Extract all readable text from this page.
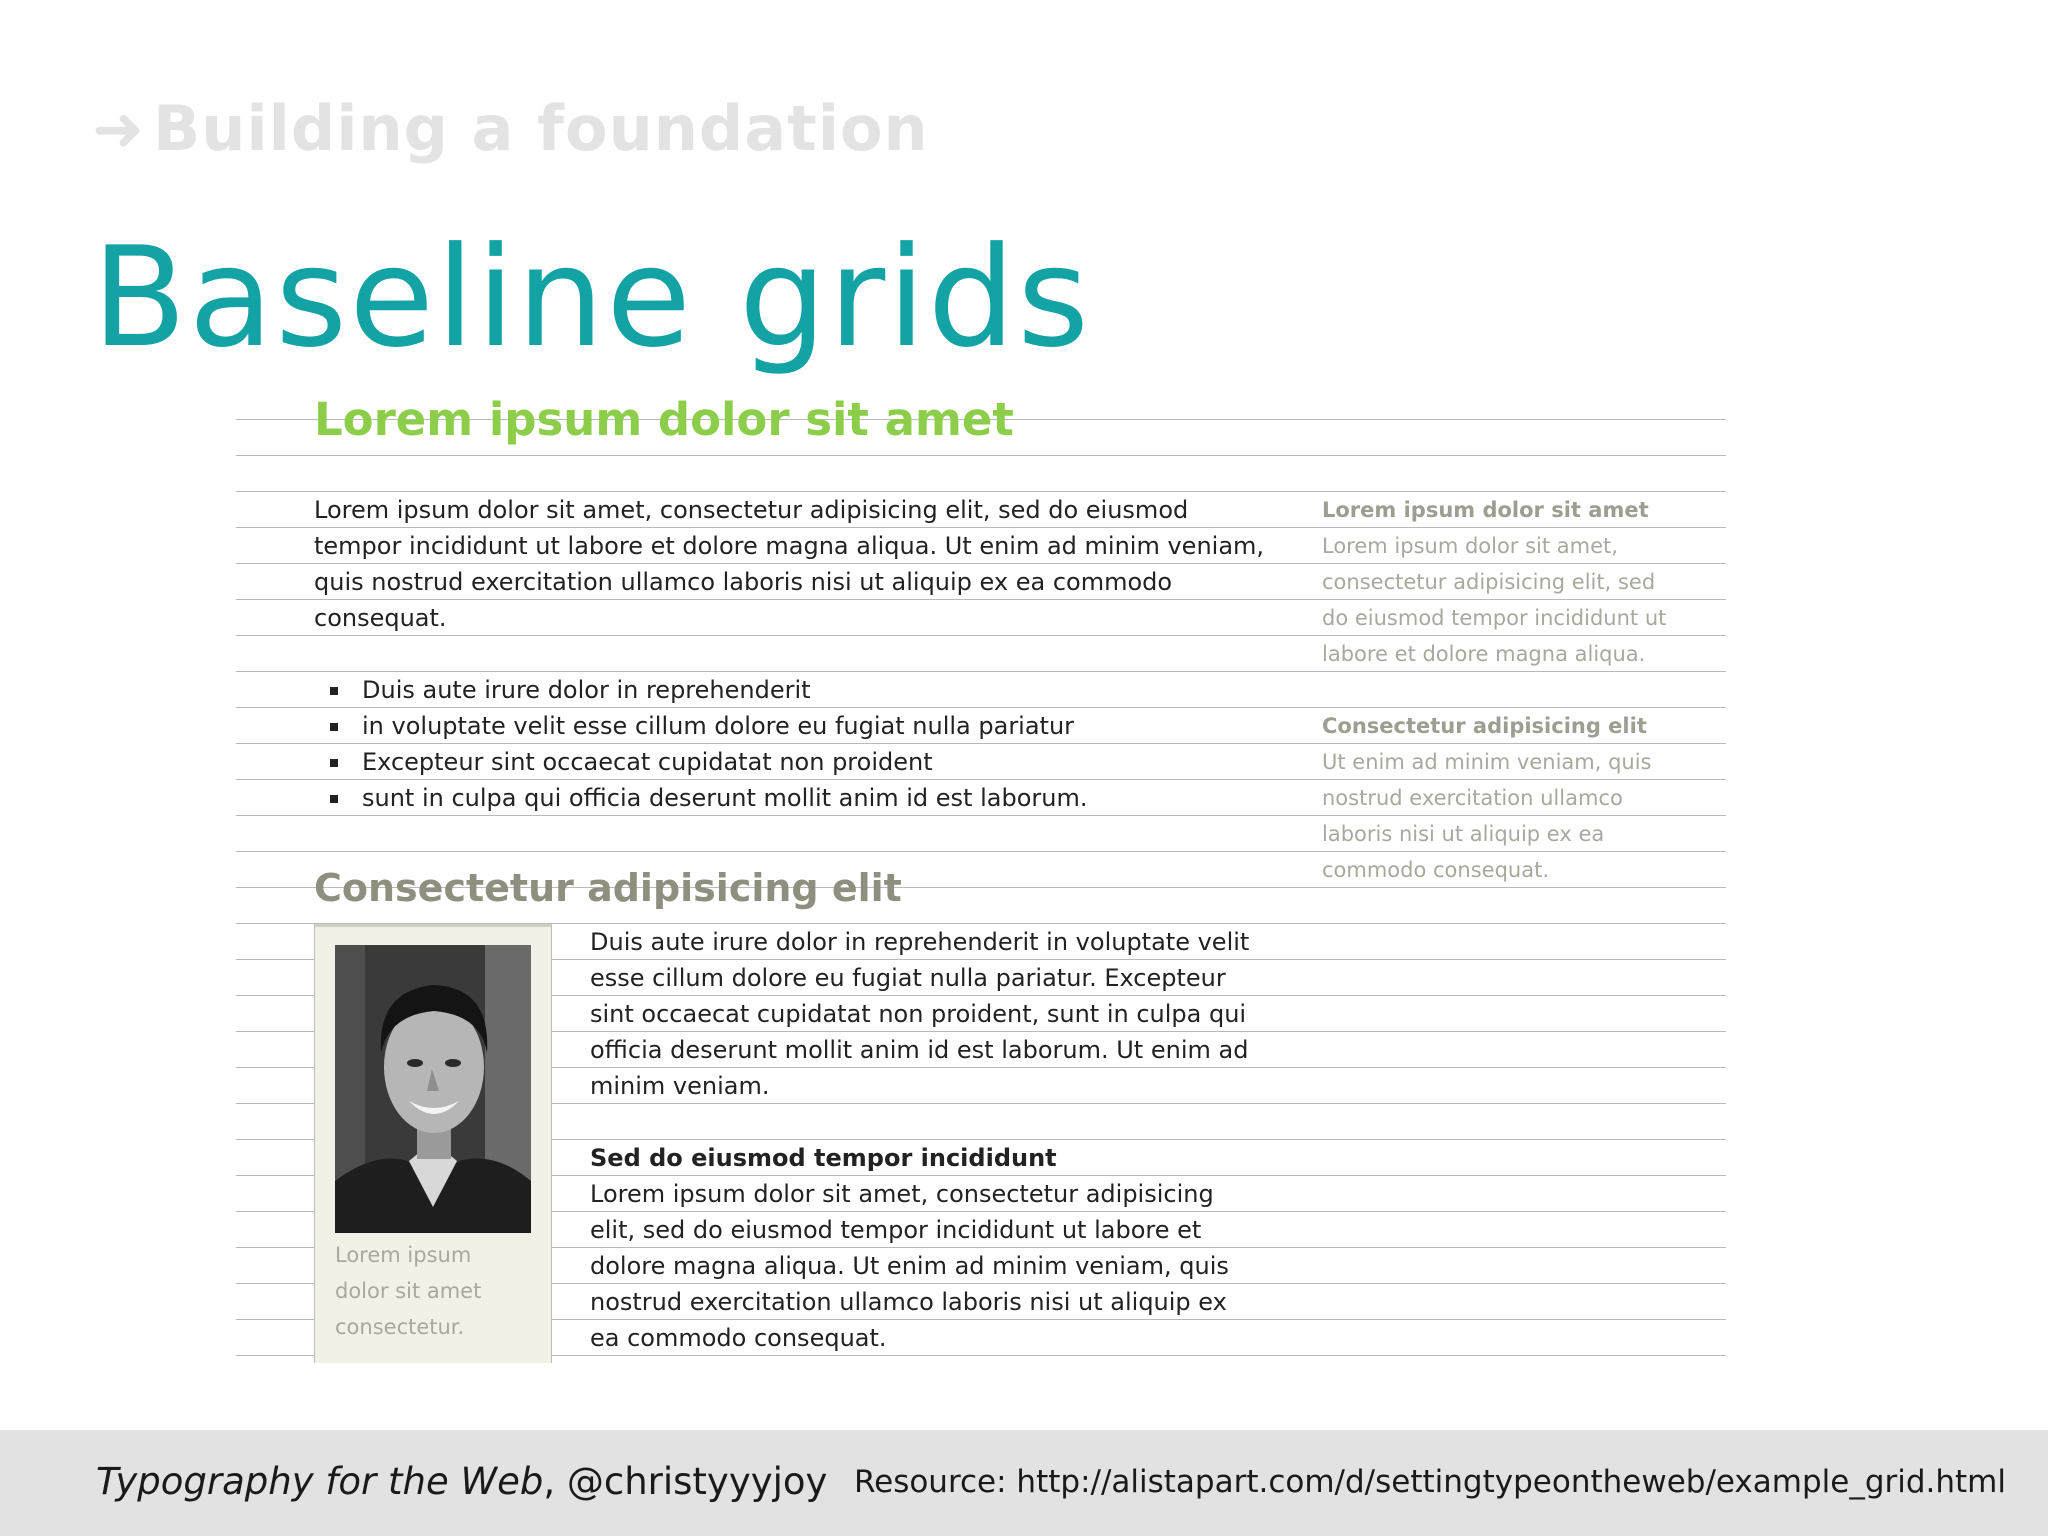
➜ Building a foundation
Baseline grids
Lorem ipsum dolor sit amet
Lorem ipsum dolor sit amet, consectetur adipisicing elit, sed do eiusmod
tempor incididunt ut labore et dolore magna aliqua. Ut enim ad minim veniam,
quis nostrud exercitation ullamco laboris nisi ut aliquip ex ea commodo
consequat.
Duis aute irure dolor in reprehenderit
in voluptate velit esse cillum dolore eu fugiat nulla pariatur
Excepteur sint occaecat cupidatat non proident
sunt in culpa qui officia deserunt mollit anim id est laborum.
Consectetur adipisicing elit
Lorem ipsum dolor sit amet
Lorem ipsum dolor sit amet,
consectetur adipisicing elit, sed
do eiusmod tempor incididunt ut
labore et dolore magna aliqua.
Consectetur adipisicing elit
Ut enim ad minim veniam, quis
nostrud exercitation ullamco
laboris nisi ut aliquip ex ea
commodo consequat.
Lorem ipsum
dolor sit amet
consectetur.
Duis aute irure dolor in reprehenderit in voluptate velit
esse cillum dolore eu fugiat nulla pariatur. Excepteur
sint occaecat cupidatat non proident, sunt in culpa qui
officia deserunt mollit anim id est laborum. Ut enim ad
minim veniam.
Sed do eiusmod tempor incididunt
Lorem ipsum dolor sit amet, consectetur adipisicing
elit, sed do eiusmod tempor incididunt ut labore et
dolore magna aliqua. Ut enim ad minim veniam, quis
nostrud exercitation ullamco laboris nisi ut aliquip ex
ea commodo consequat.
Typography for the Web, @christyyyjoy Resource: http://alistapart.com/d/settingtypeontheweb/example_grid.html
